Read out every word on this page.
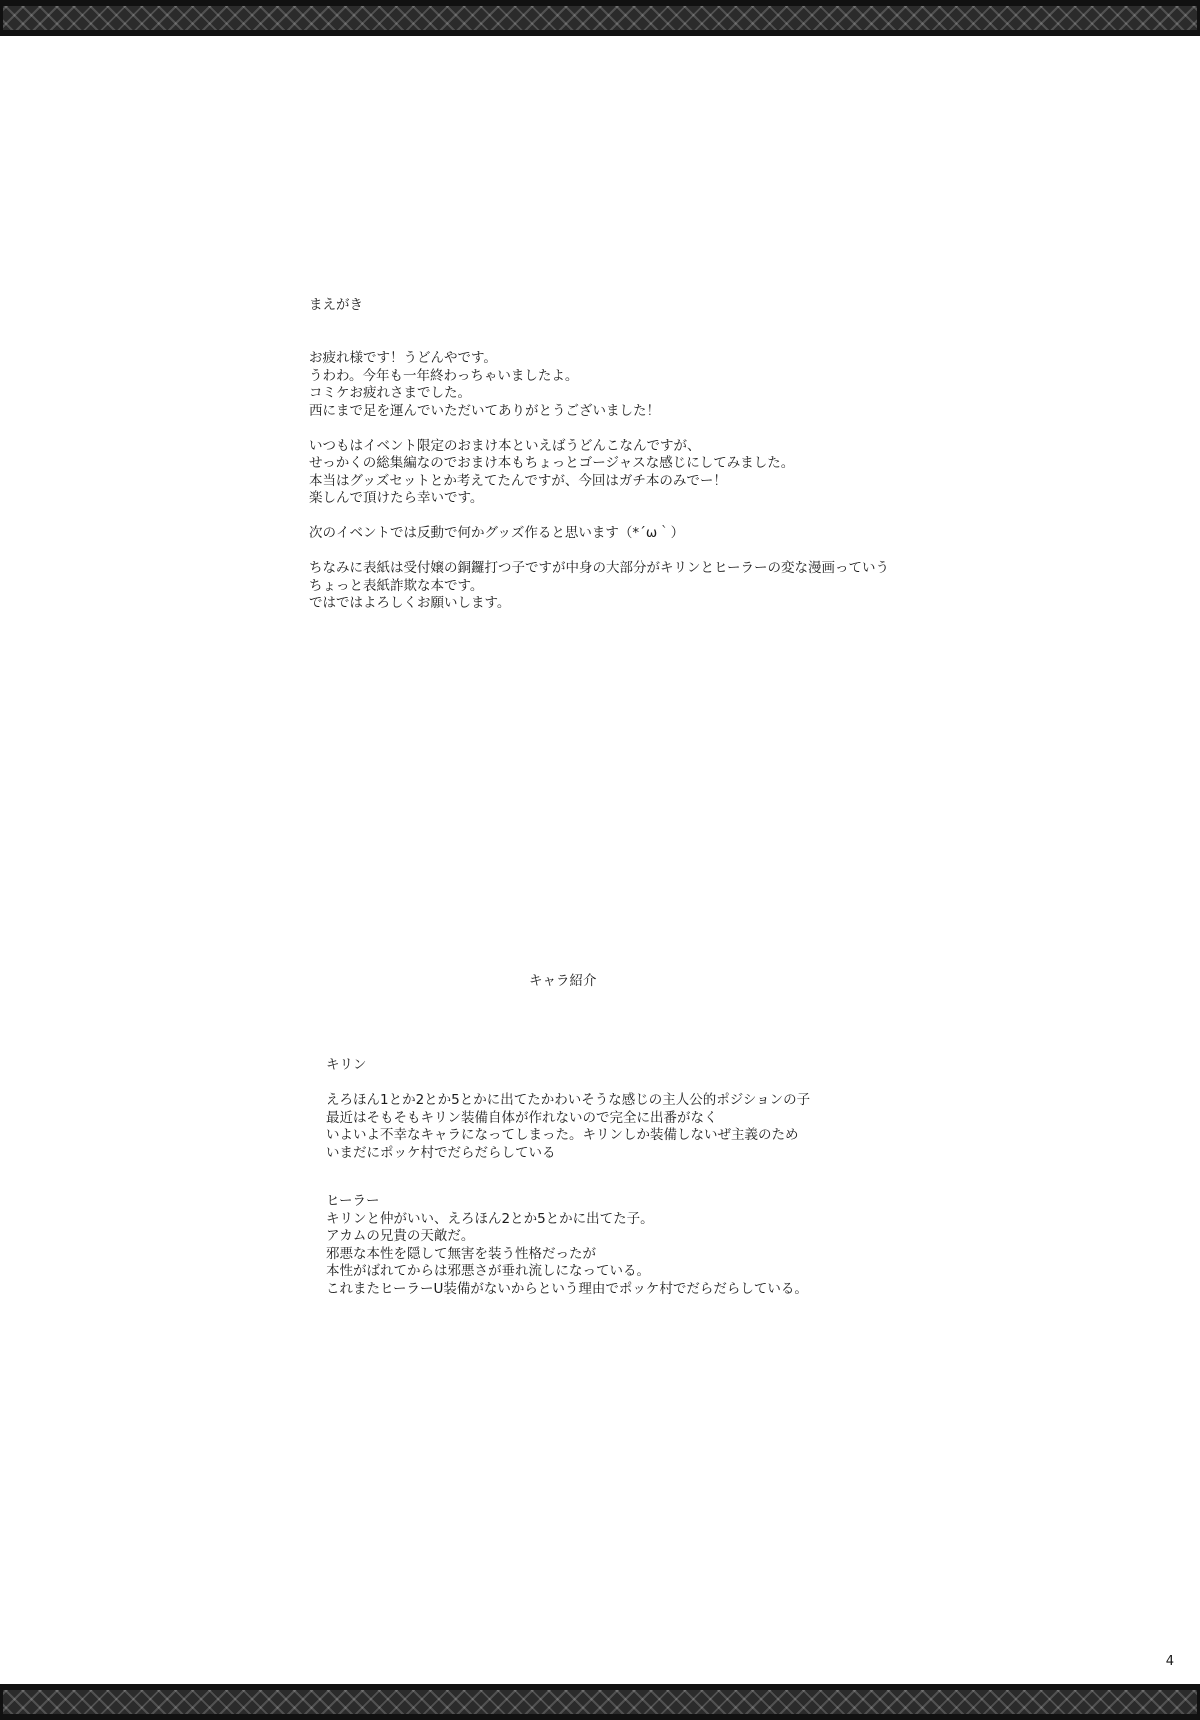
まえがき
お疲れ様です！うどんやです。
うわわ。今年も一年終わっちゃいましたよ。
コミケお疲れさまでした。
西にまで足を運んでいただいてありがとうございました！
いつもはイベント限定のおまけ本といえばうどんこなんですが、
せっかくの総集編なのでおまけ本もちょっとゴージャスな感じにしてみました。
本当はグッズセットとか考えてたんですが、今回はガチ本のみでー！
楽しんで頂けたら幸いです。
次のイベントでは反動で何かグッズ作ると思います（*´ω｀）
ちなみに表紙は受付嬢の銅鑼打つ子ですが中身の大部分がキリンとヒーラーの変な漫画っていう
ちょっと表紙詐欺な本です。
ではではよろしくお願いします。
キャラ紹介
キリン
えろほん1とか2とか5とかに出てたかわいそうな感じの主人公的ポジションの子
最近はそもそもキリン装備自体が作れないので完全に出番がなく
いよいよ不幸なキャラになってしまった。キリンしか装備しないぜ主義のため
いまだにポッケ村でだらだらしている
ヒーラー
キリンと仲がいい、えろほん2とか5とかに出てた子。
アカムの兄貴の天敵だ。
邪悪な本性を隠して無害を装う性格だったが
本性がばれてからは邪悪さが垂れ流しになっている。
これまたヒーラーU装備がないからという理由でポッケ村でだらだらしている。
4
